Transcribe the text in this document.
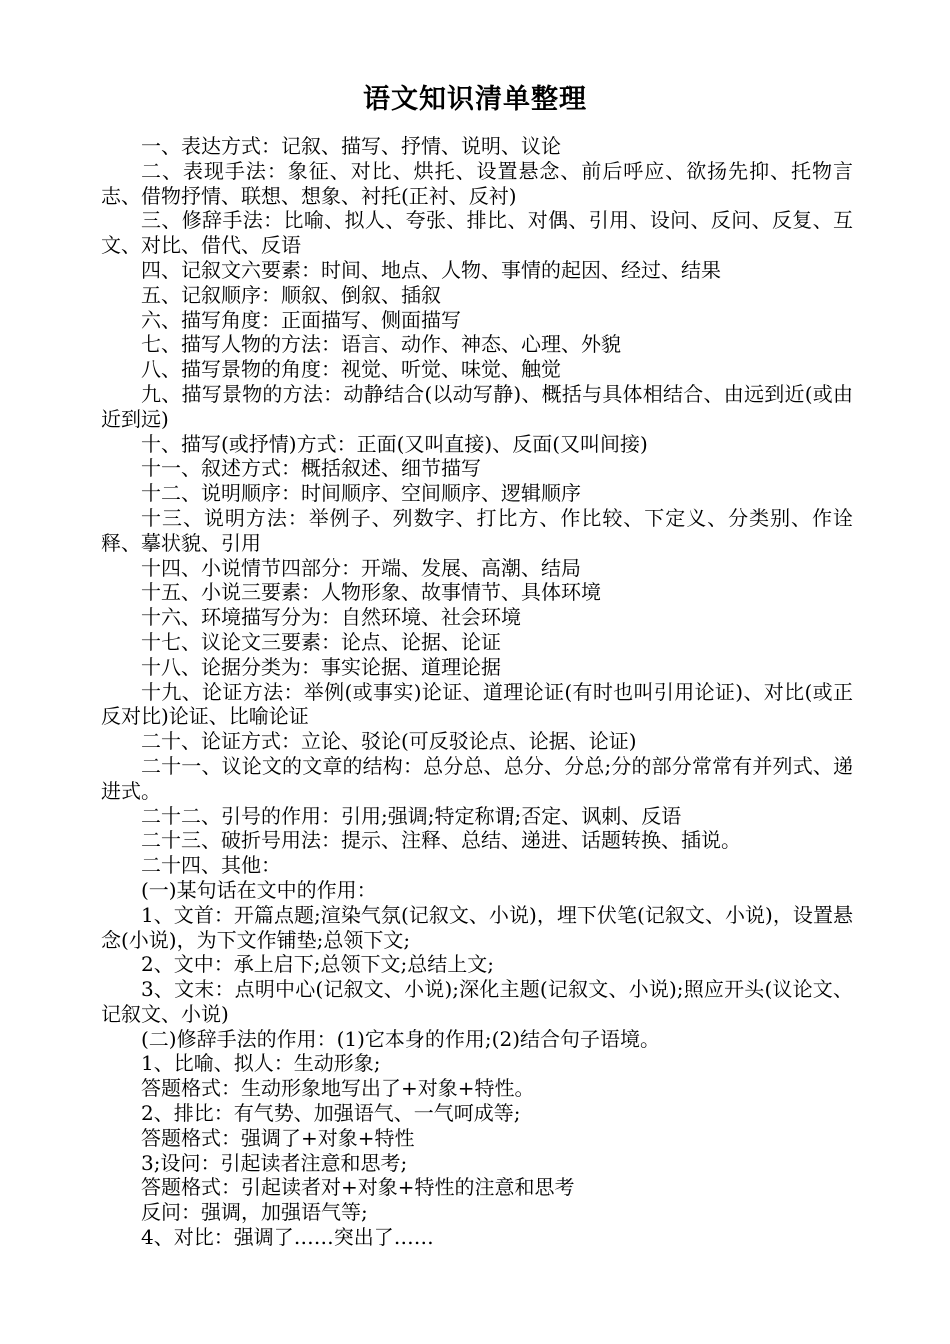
语文知识清单整理

一、表达方式：记叙、描写、抒情、说明、议论

二、表现手法：象征、对比、烘托、设置悬念、前后呼应、欲扬先抑、托物言志、借物抒情、联想、想象、衬托(正衬、反衬)

三、修辞手法：比喻、拟人、夸张、排比、对偶、引用、设问、反问、反复、互文、对比、借代、反语

四、记叙文六要素：时间、地点、人物、事情的起因、经过、结果

五、记叙顺序：顺叙、倒叙、插叙

六、描写角度：正面描写、侧面描写

七、描写人物的方法：语言、动作、神态、心理、外貌

八、描写景物的角度：视觉、听觉、味觉、触觉

九、描写景物的方法：动静结合(以动写静)、概括与具体相结合、由远到近(或由近到远)

十、描写(或抒情)方式：正面(又叫直接)、反面(又叫间接)

十一、叙述方式：概括叙述、细节描写

十二、说明顺序：时间顺序、空间顺序、逻辑顺序

十三、说明方法：举例子、列数字、打比方、作比较、下定义、分类别、作诠释、摹状貌、引用

十四、小说情节四部分：开端、发展、高潮、结局

十五、小说三要素：人物形象、故事情节、具体环境

十六、环境描写分为：自然环境、社会环境

十七、议论文三要素：论点、论据、论证

十八、论据分类为：事实论据、道理论据

十九、论证方法：举例(或事实)论证、道理论证(有时也叫引用论证)、对比(或正反对比)论证、比喻论证

二十、论证方式：立论、驳论(可反驳论点、论据、论证)

二十一、议论文的文章的结构：总分总、总分、分总;分的部分常常有并列式、递进式。

二十二、引号的作用：引用;强调;特定称谓;否定、讽刺、反语

二十三、破折号用法：提示、注释、总结、递进、话题转换、插说。

二十四、其他：

(一)某句话在文中的作用：

1、文首：开篇点题;渲染气氛(记叙文、小说)，埋下伏笔(记叙文、小说)，设置悬念(小说)，为下文作铺垫;总领下文;

2、文中：承上启下;总领下文;总结上文;

3、文末：点明中心(记叙文、小说);深化主题(记叙文、小说);照应开头(议论文、记叙文、小说)

(二)修辞手法的作用：(1)它本身的作用;(2)结合句子语境。

1、比喻、拟人：生动形象;

答题格式：生动形象地写出了+对象+特性。

2、排比：有气势、加强语气、一气呵成等;

答题格式：强调了+对象+特性

3;设问：引起读者注意和思考;

答题格式：引起读者对+对象+特性的注意和思考

反问：强调，加强语气等;

4、对比：强调了……突出了……
